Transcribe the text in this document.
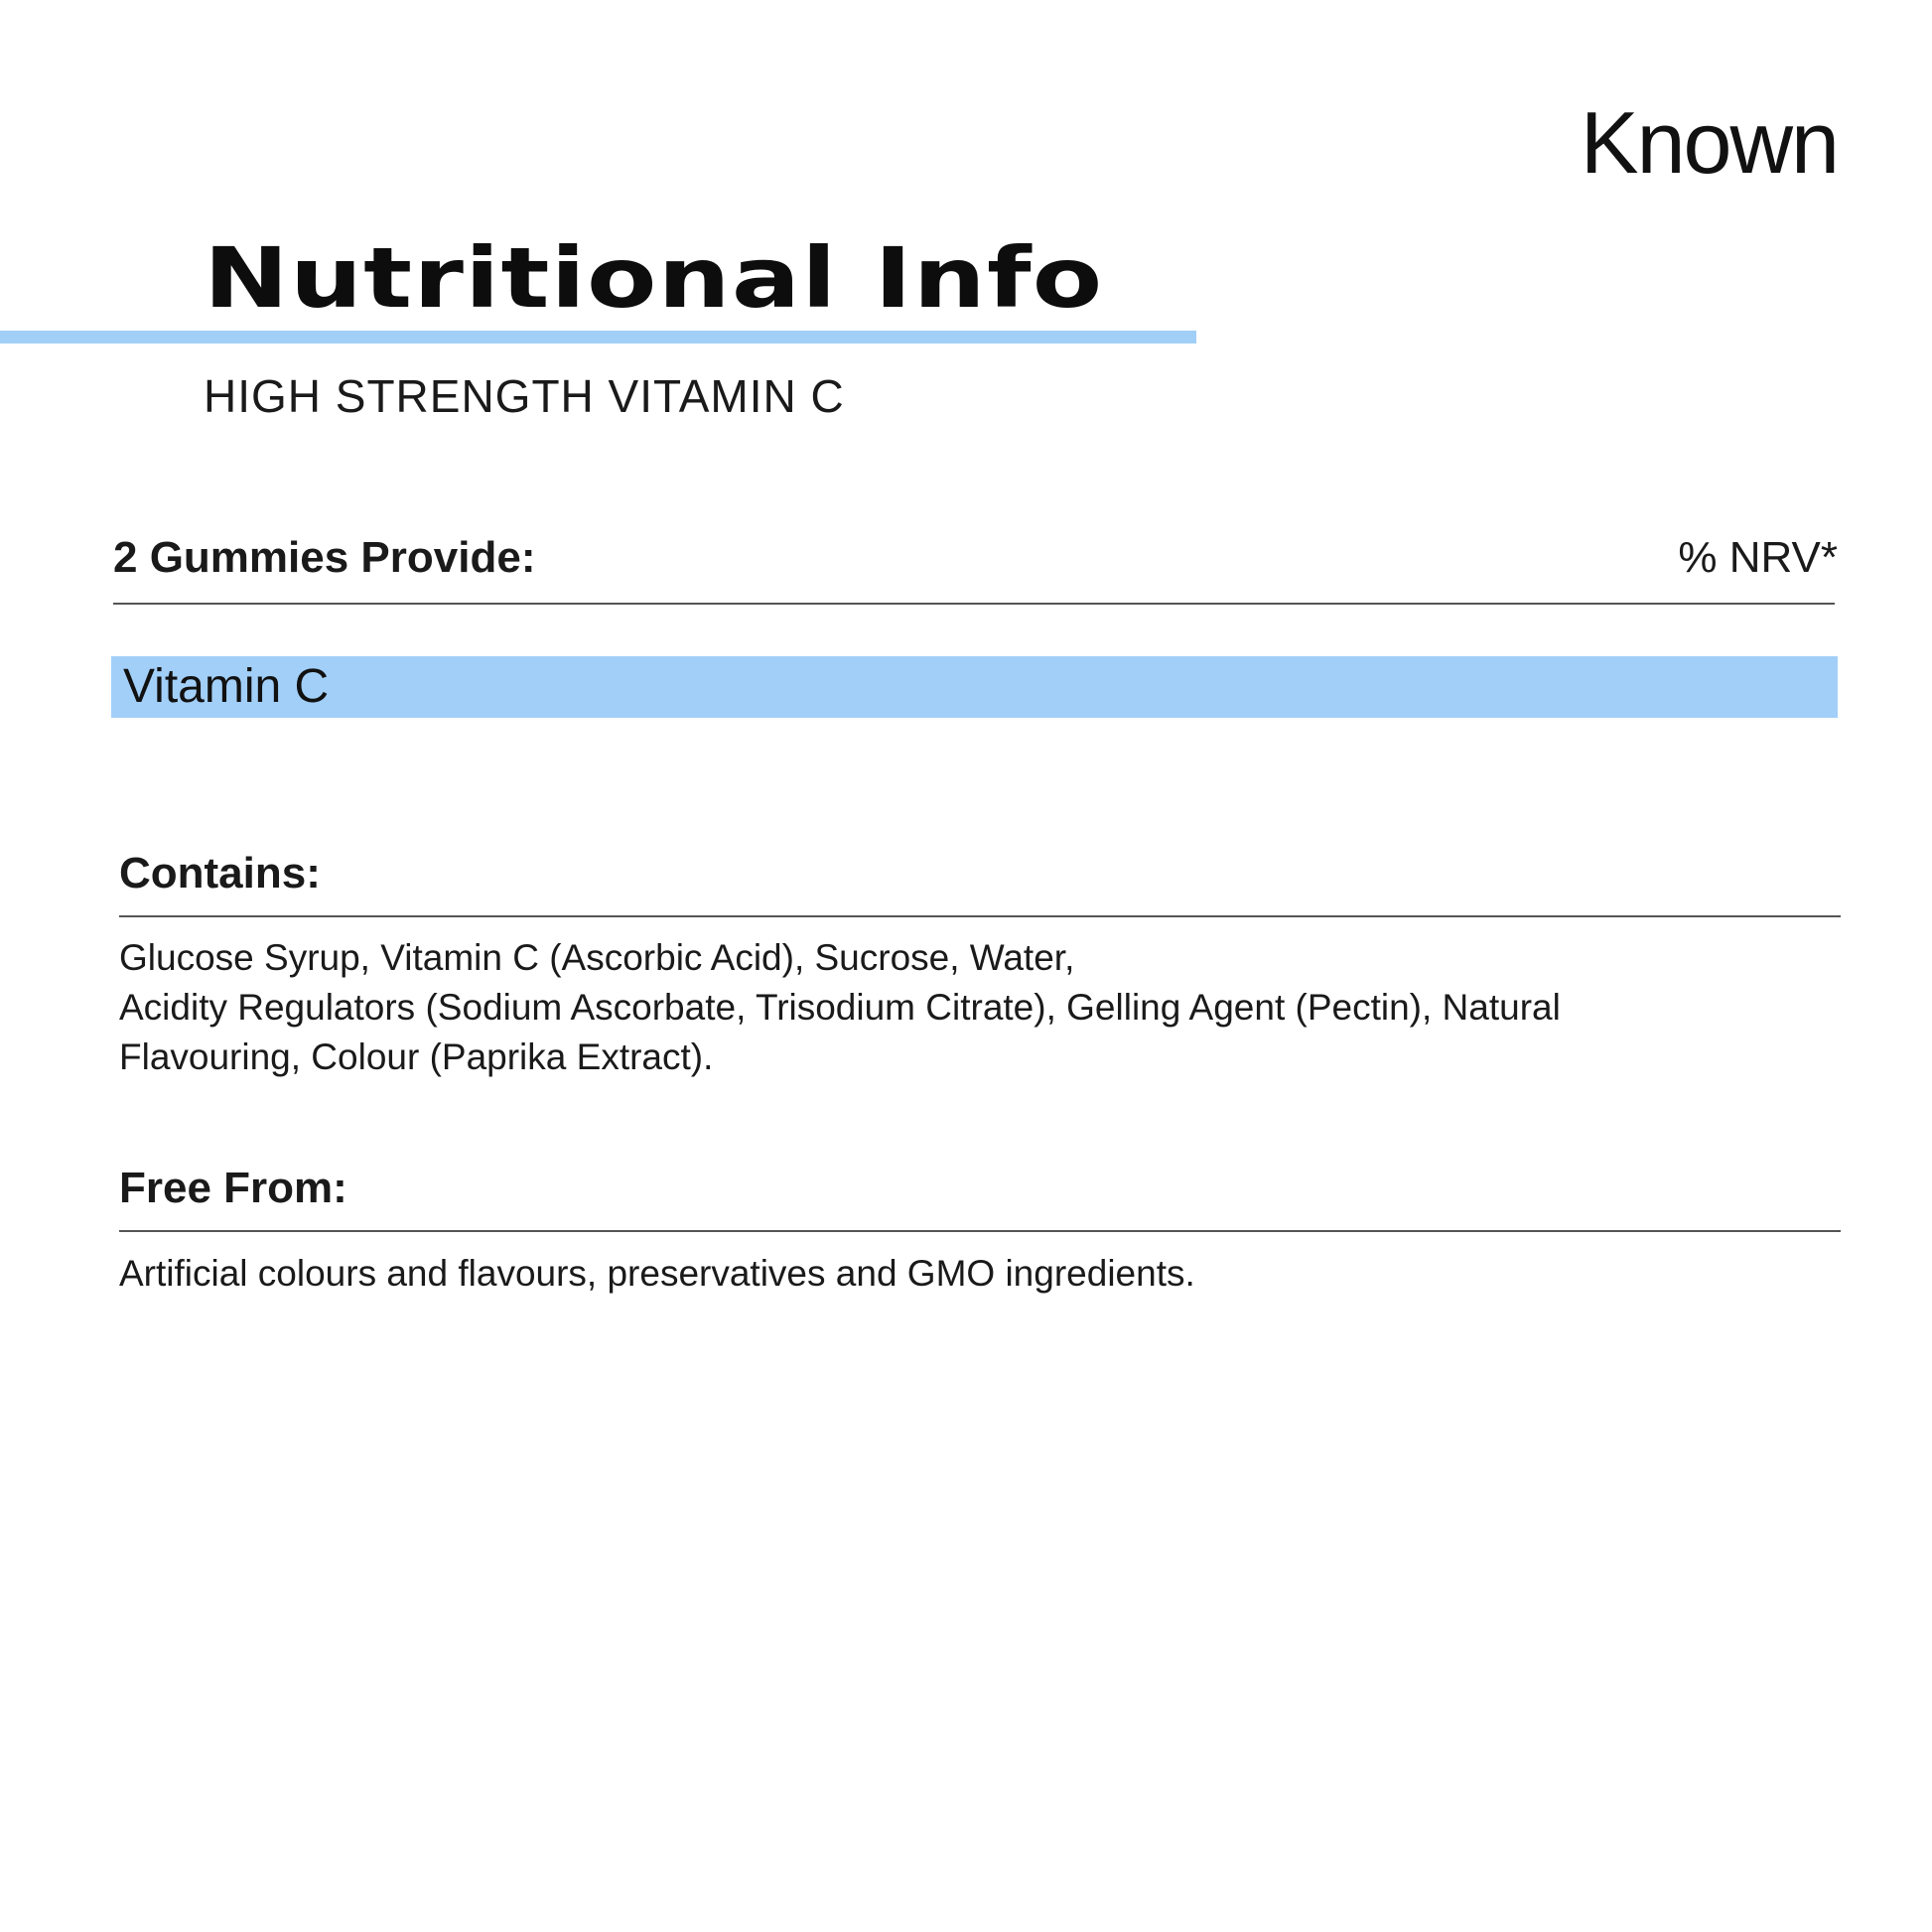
Known
Nutritional Info
HIGH STRENGTH VITAMIN C
2 Gummies Provide:	% NRV*
Vitamin C
Contains:
Glucose Syrup, Vitamin C (Ascorbic Acid), Sucrose, Water,
Acidity Regulators (Sodium Ascorbate, Trisodium Citrate), Gelling Agent (Pectin), Natural
Flavouring, Colour (Paprika Extract).
Free From:
Artificial colours and flavours, preservatives and GMO ingredients.
